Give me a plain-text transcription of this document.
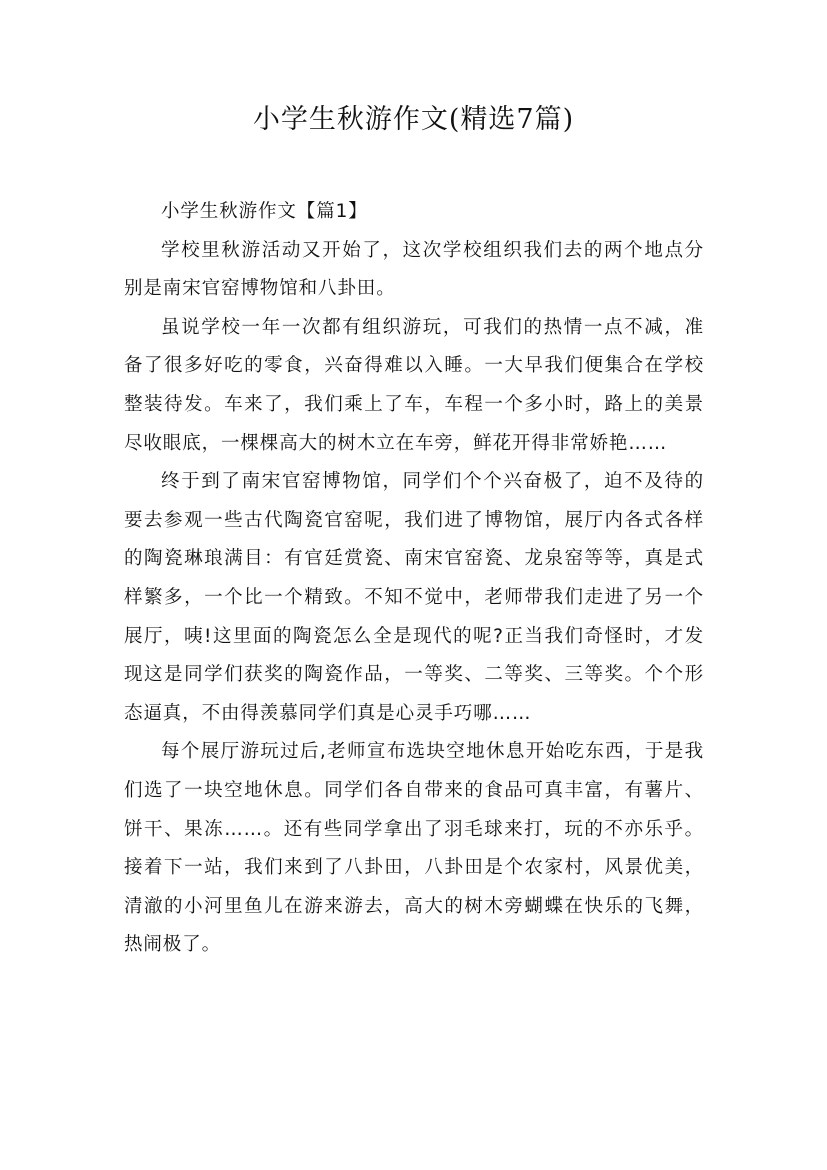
小学生秋游作文(精选7篇)

小学生秋游作文【篇1】

学校里秋游活动又开始了，这次学校组织我们去的两个地点分别是南宋官窑博物馆和八卦田。

虽说学校一年一次都有组织游玩，可我们的热情一点不减，准备了很多好吃的零食，兴奋得难以入睡。一大早我们便集合在学校整装待发。车来了，我们乘上了车，车程一个多小时，路上的美景尽收眼底，一棵棵高大的树木立在车旁，鲜花开得非常娇艳……

终于到了南宋官窑博物馆，同学们个个兴奋极了，迫不及待的要去参观一些古代陶瓷官窑呢，我们进了博物馆，展厅内各式各样的陶瓷琳琅满目：有官廷赏瓷、南宋官窑瓷、龙泉窑等等，真是式样繁多，一个比一个精致。不知不觉中，老师带我们走进了另一个展厅，咦!这里面的陶瓷怎么全是现代的呢?正当我们奇怪时，才发现这是同学们获奖的陶瓷作品，一等奖、二等奖、三等奖。个个形态逼真，不由得羡慕同学们真是心灵手巧哪……

每个展厅游玩过后,老师宣布选块空地休息开始吃东西，于是我们选了一块空地休息。同学们各自带来的食品可真丰富，有薯片、饼干、果冻……。还有些同学拿出了羽毛球来打，玩的不亦乐乎。接着下一站，我们来到了八卦田，八卦田是个农家村，风景优美，清澈的小河里鱼儿在游来游去，高大的树木旁蝴蝶在快乐的飞舞，热闹极了。
